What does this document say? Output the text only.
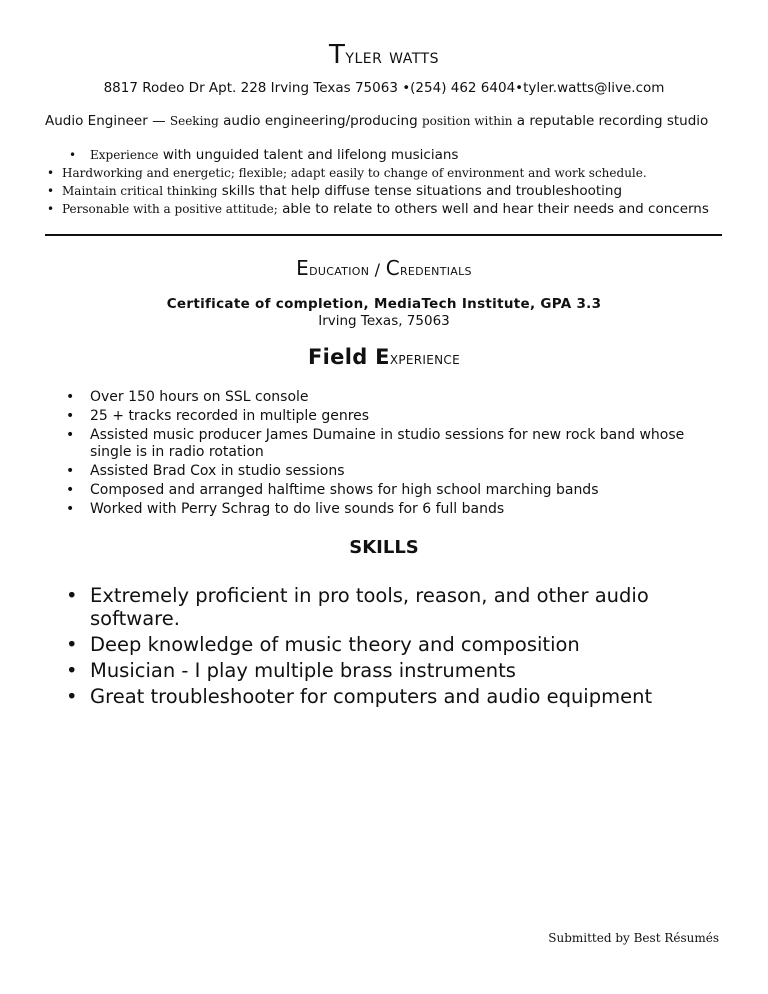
Tyler watts
8817 Rodeo Dr Apt. 228 Irving Texas 75063 •(254) 462 6404•tyler.watts@live.com
Audio Engineer — Seeking audio engineering/producing position within a reputable recording studio
• Experience with unguided talent and lifelong musicians
• Hardworking and energetic; flexible; adapt easily to change of environment and work schedule.
• Maintain critical thinking skills that help diffuse tense situations and troubleshooting
• Personable with a positive attitude; able to relate to others well and hear their needs and concerns
Education / Credentials
Certificate of completion, MediaTech Institute, GPA 3.3
Irving Texas, 75063
Field Experience
• Over 150 hours on SSL console
• 25 + tracks recorded in multiple genres
• Assisted music producer James Dumaine in studio sessions for new rock band whose single is in radio rotation
• Assisted Brad Cox in studio sessions
• Composed and arranged halftime shows for high school marching bands
• Worked with Perry Schrag to do live sounds for 6 full bands
SKILLS
• Extremely proficient in pro tools, reason, and other audio software.
• Deep knowledge of music theory and composition
• Musician - I play multiple brass instruments
• Great troubleshooter for computers and audio equipment
Submitted by Best Résumés
